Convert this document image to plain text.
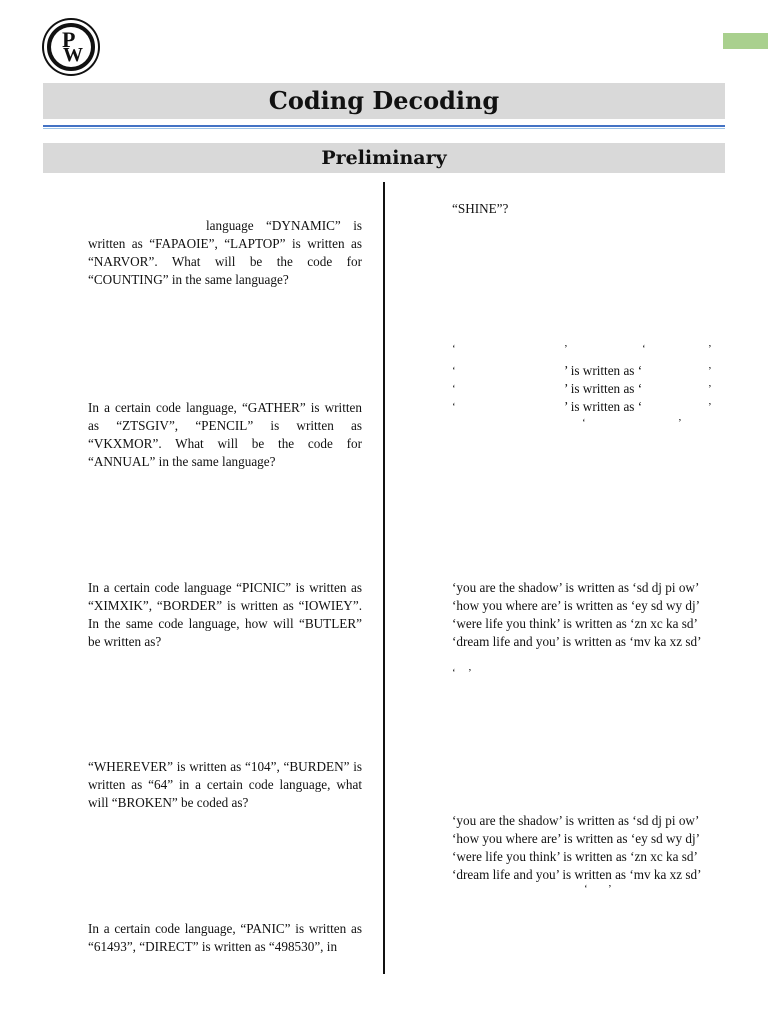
P
W
Coding Decoding
Preliminary
language “DYNAMIC” is written as “FAPAOIE”, “LAPTOP” is written as “NARVOR”. What will be the code for “COUNTING” in the same language?
In a certain code language, “GATHER” is written as “ZTSGIV”, “PENCIL” is written as “VKXMOR”. What will be the code for “ANNUAL” in the same language?
In a certain code language “PICNIC” is written as “XIMXIK”, “BORDER” is written as “IOWIEY”. In the same code language, how will “BUTLER” be written as?
“WHEREVER” is written as “104”, “BURDEN” is written as “64” in a certain code language, what will “BROKEN” be coded as?
In a certain code language, “PANIC” is written as “61493”, “DIRECT” is written as “498530”, in
“SHINE”?
‘	’	‘	’
‘	’ is written as ‘	’
‘	’ is written as ‘	’
‘	’ is written as ‘	’
‘	’
‘you are the shadow’ is written as ‘sd dj pi ow’
‘how you where are’ is written as ‘ey sd wy dj’
‘were life you think’ is written as ‘zn xc ka sd’
‘dream life and you’ is written as ‘mv ka xz sd’
‘ ’
‘you are the shadow’ is written as ‘sd dj pi ow’
‘how you where are’ is written as ‘ey sd wy dj’
‘were life you think’ is written as ‘zn xc ka sd’
‘dream life and you’ is written as ‘mv ka xz sd’
‘ ’
